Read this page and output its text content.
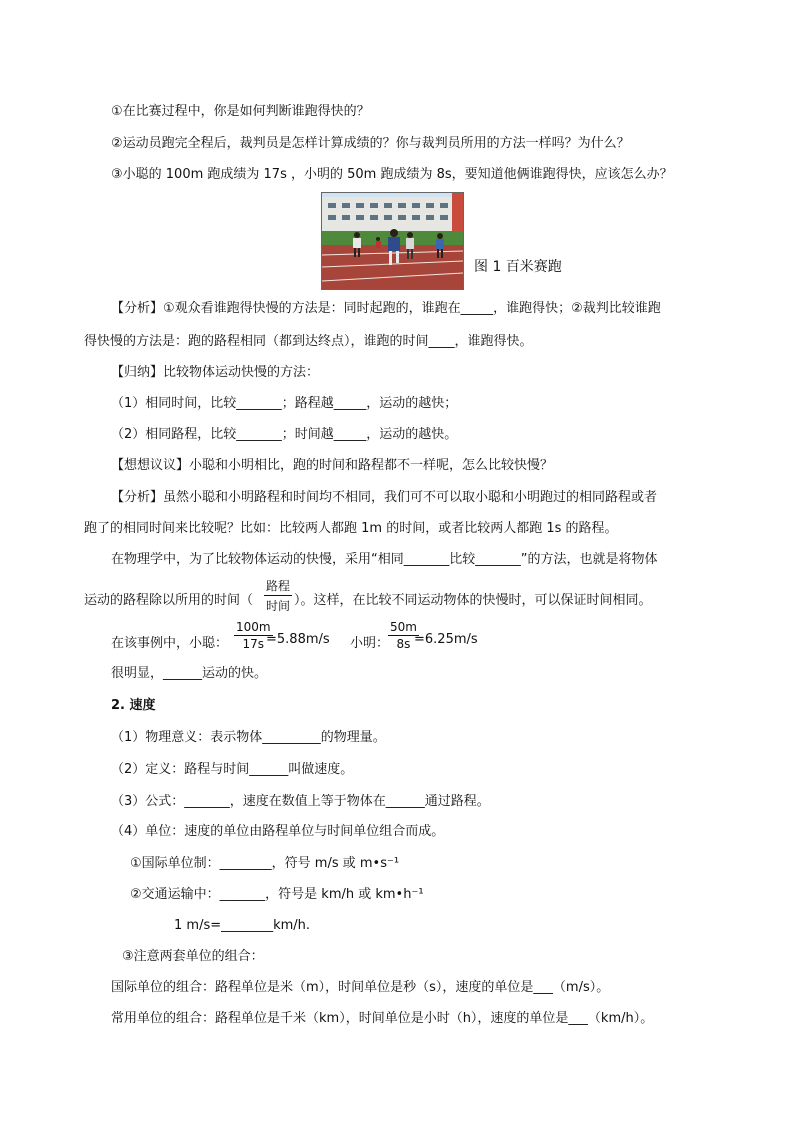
①在比赛过程中，你是如何判断谁跑得快的？
②运动员跑完全程后，裁判员是怎样计算成绩的？你与裁判员所用的方法一样吗？为什么？
③小聪的 100m 跑成绩为 17s ，小明的 50m 跑成绩为 8s，要知道他俩谁跑得快，应该怎么办？
图 1 百米赛跑
【分析】①观众看谁跑得快慢的方法是：同时起跑的，谁跑在_____，谁跑得快；②裁判比较谁跑
得快慢的方法是：跑的路程相同（都到达终点），谁跑的时间____，谁跑得快。
【归纳】比较物体运动快慢的方法：
（1）相同时间，比较_______；路程越_____，运动的越快；
（2）相同路程，比较_______；时间越_____，运动的越快。
【想想议议】小聪和小明相比，跑的时间和路程都不一样呢，怎么比较快慢？
【分析】虽然小聪和小明路程和时间均不相同，我们可不可以取小聪和小明跑过的相同路程或者
跑了的相同时间来比较呢？比如：比较两人都跑 1m 的时间，或者比较两人都跑 1s 的路程。
在物理学中，为了比较物体运动的快慢，采用“相同_______比较_______”的方法，也就是将物体
运动的路程除以所用的时间（
路程
时间 ）。这样，在比较不同运动物体的快慢时，可以保证时间相同。
在该事例中，小聪： $\frac{100m}{17s}$
=5.88m/s 小明：
$\frac{50m}{8s}$
=6.25m/s
很明显，______运动的快。
2. 速度
（1）物理意义：表示物体_________的物理量。
（2）定义：路程与时间______叫做速度。
（3）公式：_______，速度在数值上等于物体在______通过路程。
（4）单位：速度的单位由路程单位与时间单位组合而成。
①国际单位制：________，符号 m/s 或 m•s⁻¹
②交通运输中：_______，符号是 km/h 或 km•h⁻¹
1 m/s=________km/h.
③注意两套单位的组合：
国际单位的组合：路程单位是米（m），时间单位是秒（s），速度的单位是___（m/s）。
常用单位的组合：路程单位是千米（km），时间单位是小时（h），速度的单位是___（km/h）。
